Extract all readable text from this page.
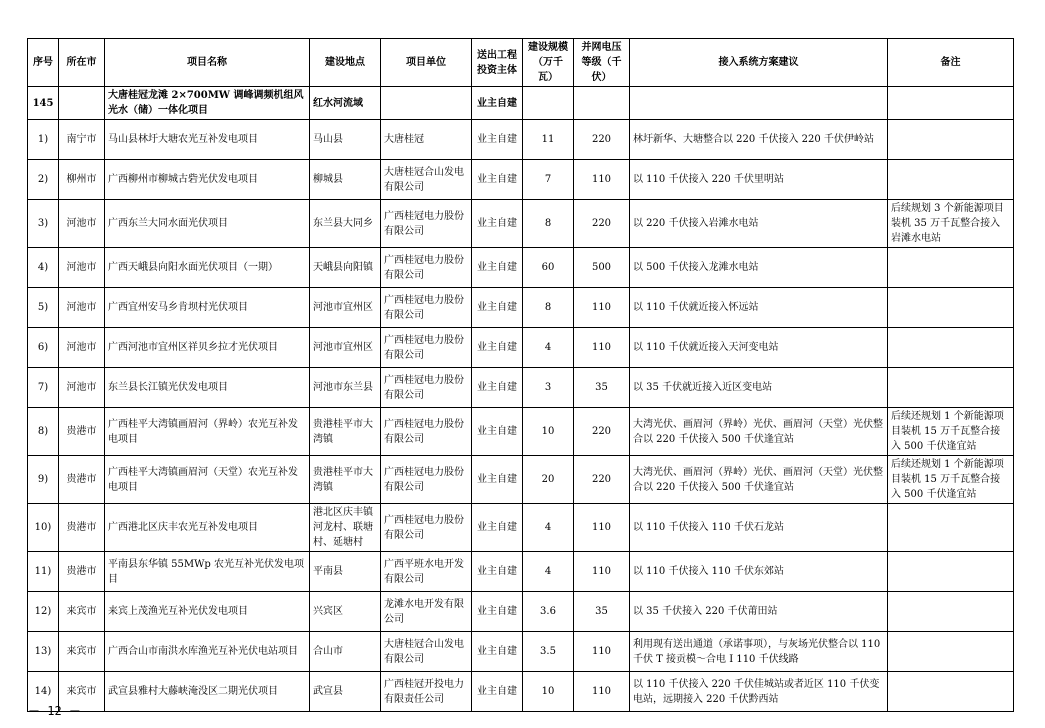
序号	所在市	项目名称	建设地点	项目单位	送出工程投资主体	建设规模（万千瓦）	并网电压等级（千伏）	接入系统方案建议	备注
145		大唐桂冠龙滩 2×700MW 调峰调频机组风光水（储）一体化项目	红水河流域		业主自建				
1)	南宁市	马山县林圩大塘农光互补发电项目	马山县	大唐桂冠	业主自建	11	220	林圩新华、大塘整合以 220 千伏接入 220 千伏伊岭站	
2)	柳州市	广西柳州市柳城古砦光伏发电项目	柳城县	大唐桂冠合山发电有限公司	业主自建	7	110	以 110 千伏接入 220 千伏里明站	
3)	河池市	广西东兰大同水面光伏项目	东兰县大同乡	广西桂冠电力股份有限公司	业主自建	8	220	以 220 千伏接入岩滩水电站	后续规划 3 个新能源项目装机 35 万千瓦整合接入岩滩水电站
4)	河池市	广西天峨县向阳水面光伏项目（一期）	天峨县向阳镇	广西桂冠电力股份有限公司	业主自建	60	500	以 500 千伏接入龙滩水电站	
5)	河池市	广西宜州安马乡肯坝村光伏项目	河池市宜州区	广西桂冠电力股份有限公司	业主自建	8	110	以 110 千伏就近接入怀远站	
6)	河池市	广西河池市宜州区祥贝乡拉才光伏项目	河池市宜州区	广西桂冠电力股份有限公司	业主自建	4	110	以 110 千伏就近接入天河变电站	
7)	河池市	东兰县长江镇光伏发电项目	河池市东兰县	广西桂冠电力股份有限公司	业主自建	3	35	以 35 千伏就近接入近区变电站	
8)	贵港市	广西桂平大湾镇画眉河（界岭）农光互补发电项目	贵港桂平市大湾镇	广西桂冠电力股份有限公司	业主自建	10	220	大湾光伏、画眉河（界岭）光伏、画眉河（天堂）光伏整合以 220 千伏接入 500 千伏逢宜站	后续还规划 1 个新能源项目装机 15 万千瓦整合接入 500 千伏逢宜站
9)	贵港市	广西桂平大湾镇画眉河（天堂）农光互补发电项目	贵港桂平市大湾镇	广西桂冠电力股份有限公司	业主自建	20	220	大湾光伏、画眉河（界岭）光伏、画眉河（天堂）光伏整合以 220 千伏接入 500 千伏逢宜站	后续还规划 1 个新能源项目装机 15 万千瓦整合接入 500 千伏逢宜站
10)	贵港市	广西港北区庆丰农光互补发电项目	港北区庆丰镇河龙村、联塘村、延塘村	广西桂冠电力股份有限公司	业主自建	4	110	以 110 千伏接入 110 千伏石龙站	
11)	贵港市	平南县东华镇 55MWp 农光互补光伏发电项目	平南县	广西平班水电开发有限公司	业主自建	4	110	以 110 千伏接入 110 千伏东郊站	
12)	来宾市	来宾上茂渔光互补光伏发电项目	兴宾区	龙滩水电开发有限公司	业主自建	3.6	35	以 35 千伏接入 220 千伏莆田站	
13)	来宾市	广西合山市南洪水库渔光互补光伏电站项目	合山市	大唐桂冠合山发电有限公司	业主自建	3.5	110	利用现有送出通道（承诺事项），与灰场光伏整合以 110 千伏 T 接贡模～合电 I 110 千伏线路	
14)	来宾市	武宣县雅村大藤峡淹没区二期光伏项目	武宣县	广西桂冠开投电力有限责任公司	业主自建	10	110	以 110 千伏接入 220 千伏佳城站或者近区 110 千伏变电站，远期接入 220 千伏黔西站	
－ 12 －
